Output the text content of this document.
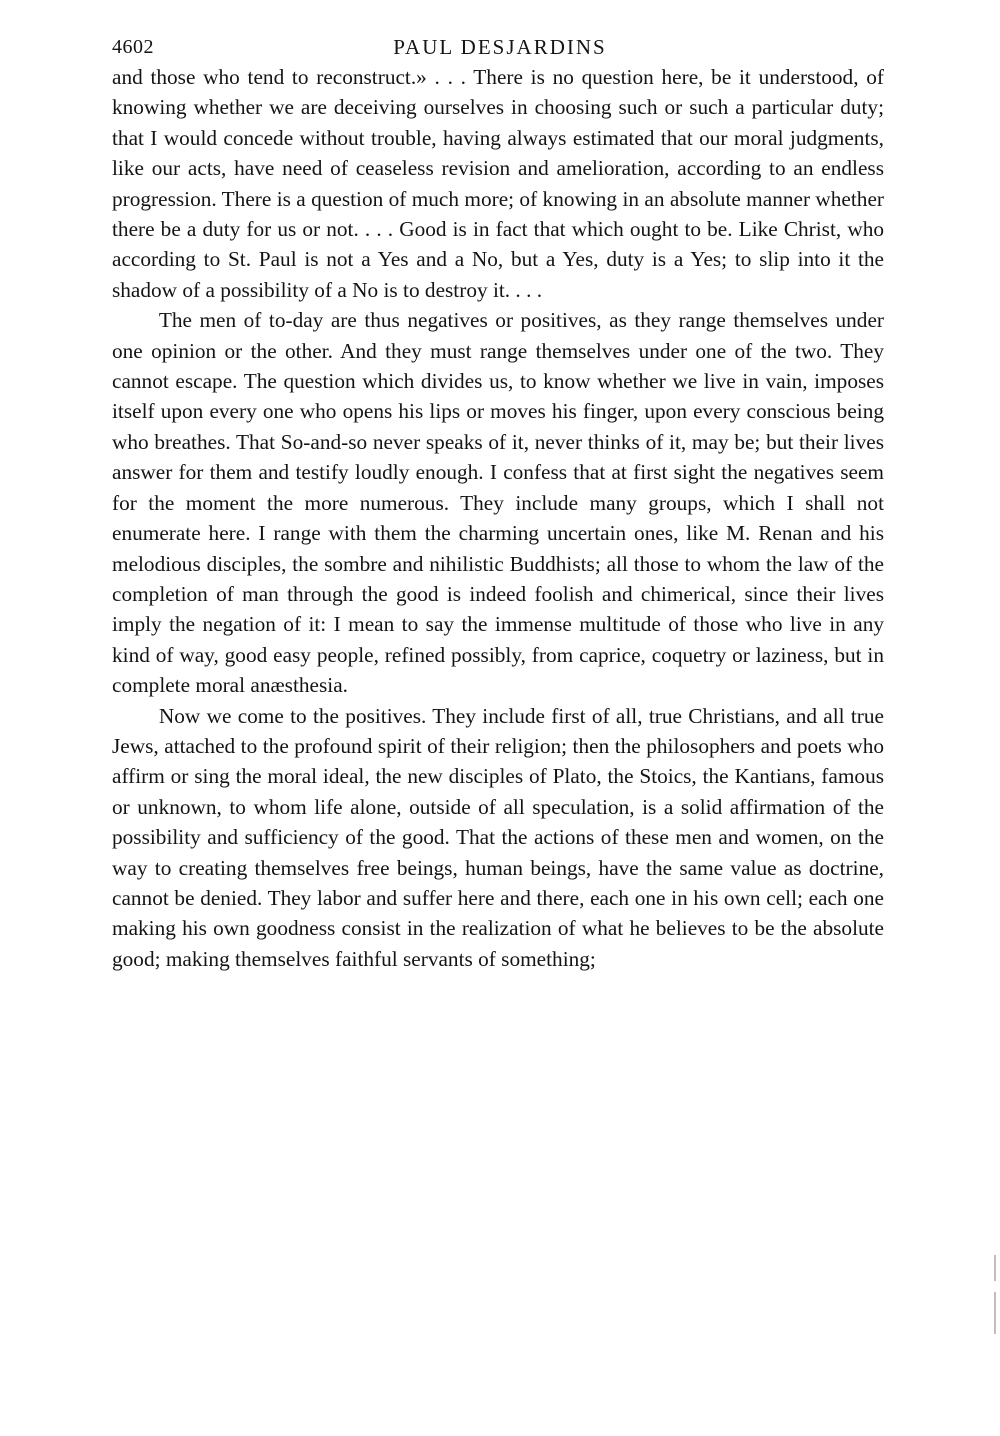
4602	PAUL DESJARDINS

and those who tend to reconstruct.» . . . There is no question here, be it understood, of knowing whether we are deceiving ourselves in choosing such or such a particular duty; that I would concede without trouble, having always estimated that our moral judgments, like our acts, have need of ceaseless revision and amelioration, according to an endless progression. There is a question of much more; of knowing in an absolute manner whether there be a duty for us or not. . . . Good is in fact that which ought to be. Like Christ, who according to St. Paul is not a Yes and a No, but a Yes, duty is a Yes; to slip into it the shadow of a possibility of a No is to destroy it. . . .

The men of to-day are thus negatives or positives, as they range themselves under one opinion or the other. And they must range themselves under one of the two. They cannot escape. The question which divides us, to know whether we live in vain, imposes itself upon every one who opens his lips or moves his finger, upon every conscious being who breathes. That So-and-so never speaks of it, never thinks of it, may be; but their lives answer for them and testify loudly enough. I confess that at first sight the negatives seem for the moment the more numerous. They include many groups, which I shall not enumerate here. I range with them the charming uncertain ones, like M. Renan and his melodious disciples, the sombre and nihilistic Buddhists; all those to whom the law of the completion of man through the good is indeed foolish and chimerical, since their lives imply the negation of it: I mean to say the immense multitude of those who live in any kind of way, good easy people, refined possibly, from caprice, coquetry or laziness, but in complete moral anæsthesia.

Now we come to the positives. They include first of all, true Christians, and all true Jews, attached to the profound spirit of their religion; then the philosophers and poets who affirm or sing the moral ideal, the new disciples of Plato, the Stoics, the Kantians, famous or unknown, to whom life alone, outside of all speculation, is a solid affirmation of the possibility and sufficiency of the good. That the actions of these men and women, on the way to creating themselves free beings, human beings, have the same value as doctrine, cannot be denied. They labor and suffer here and there, each one in his own cell; each one making his own goodness consist in the realization of what he believes to be the absolute good; making themselves faithful servants of something;
